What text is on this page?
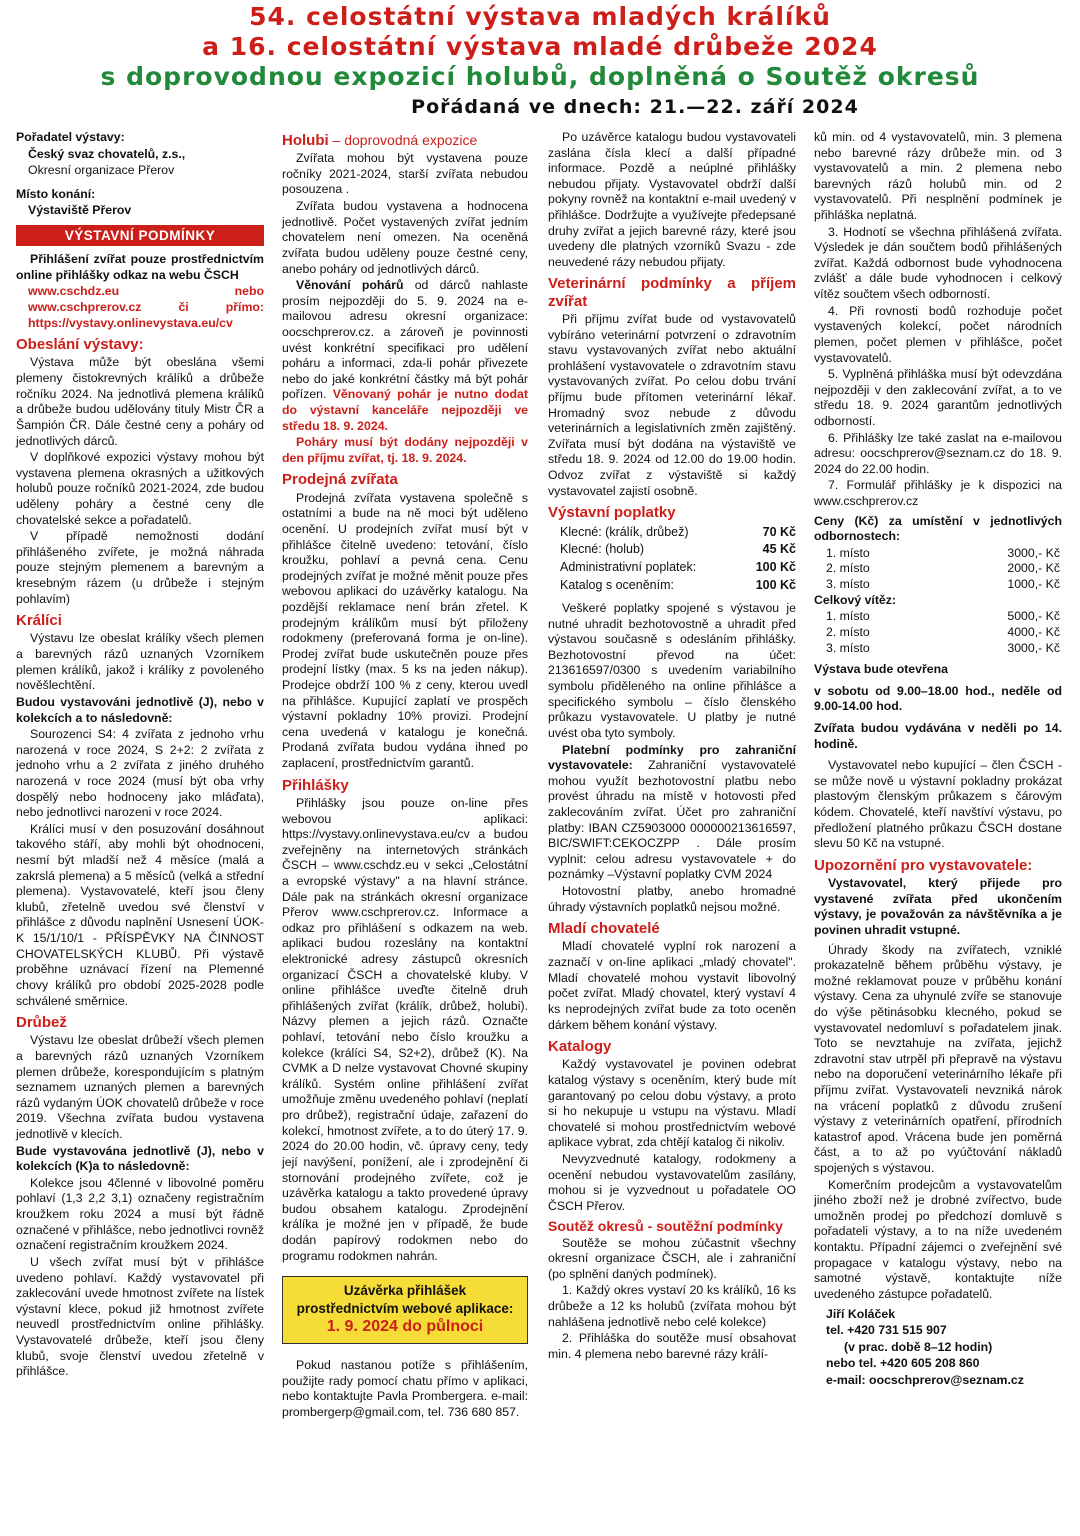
54. celostátní výstava mladých králíků
a 16. celostátní výstava mladé drůbeže 2024
s doprovodnou expozicí holubů, doplněná o Soutěž okresů
Pořádaná ve dnech: 21.—22. září 2024

Pořadatel výstavy:

Český svaz chovatelů, z.s.,

Okresní organizace Přerov

Místo konání:

Výstaviště Přerov

VÝSTAVNÍ PODMÍNKY

Přihlášení zvířat pouze prostřednictvím online přihlášky odkaz na webu ČSCH

www.cschdz.eu nebo www.cschprerov.cz či přímo: https://vystavy.onlinevystava.eu/cv

Obeslání výstavy:

Výstava může být obeslána všemi plemeny čistokrevných králíků a drůbeže ročníku 2024. Na jednotlivá plemena králíků a drůbeže budou udělovány tituly Mistr ČR a Šampión ČR. Dále čestné ceny a poháry od jednotlivých dárců.

V doplňkové expozici výstavy mohou být vystavena plemena okrasných a užitkových holubů pouze ročníků 2021-2024, zde budou uděleny poháry a čestné ceny dle chovatelské sekce a pořadatelů.

V případě nemožnosti dodání přihlášeného zvířete, je možná náhrada pouze stejným plemenem a barevným a kresebným rázem (u drůbeže i stejným pohlavím)

Králíci

Výstavu lze obeslat králíky všech plemen a barevných rázů uznaných Vzorníkem plemen králíků, jakož i králíky z povoleného nověšlechtění.

Budou vystavováni jednotlivě (J), nebo v kolekcích a to následovně:

Sourozenci S4: 4 zvířata z jednoho vrhu narozená v roce 2024, S 2+2: 2 zvířata z jednoho vrhu a 2 zvířata z jiného druhého narozená v roce 2024 (musí být oba vrhy dospělý nebo hodnoceny jako mláďata), nebo jednotlivci narozeni v roce 2024.

Králíci musí v den posuzování dosáhnout takového stáří, aby mohli být ohodnoceni, nesmí být mladší než 4 měsíce (malá a zakrslá plemena) a 5 měsíců (velká a střední plemena). Vystavovatelé, kteří jsou členy klubů, zřetelně uvedou své členství v přihlášce z důvodu naplnění Usnesení ÚOK-K 15/1/10/1 - PŘÍSPĚVKY NA ČINNOST CHOVATELSKÝCH KLUBŮ. Při výstavě proběhne uznávací řízení na Plemenné chovy králíků pro období 2025-2028 podle schválené směrnice.

Drůbež

Výstavu lze obeslat drůbeží všech plemen a barevných rázů uznaných Vzorníkem plemen drůbeže, korespondujícím s platným seznamem uznaných plemen a barevných rázů vydaným ÚOK chovatelů drůbeže v roce 2019. Všechna zvířata budou vystavena jednotlivě v klecích.

Bude vystavována jednotlivě (J), nebo v kolekcích (K)a to následovně:

Kolekce jsou 4členné v libovolné poměru pohlaví (1,3 2,2 3,1) označeny registračním kroužkem roku 2024 a musí být řádně označené v přihlášce, nebo jednotlivci rovněž označení registračním kroužkem 2024.

U všech zvířat musí být v přihlášce uvedeno pohlaví. Každý vystavovatel při zaklecování uvede hmotnost zvířete na lístek výstavní klece, pokud již hmotnost zvířete neuvedl prostřednictvím online přihlášky. Vystavovatelé drůbeže, kteří jsou členy klubů, svoje členství uvedou zřetelně v přihlášce.

Holubi – doprovodná expozice

Zvířata mohou být vystavena pouze ročníky 2021-2024, starší zvířata nebudou posouzena .

Zvířata budou vystavena a hodnocena jednotlivě. Počet vystavených zvířat jedním chovatelem není omezen. Na oceněná zvířata budou uděleny pouze čestné ceny, anebo poháry od jednotlivých dárců.

Věnování pohárů od dárců nahlaste prosím nejpozději do 5. 9. 2024 na e-mailovou adresu okresní organizace: oocschprerov.cz. a zároveň je povinnosti uvést konkrétní specifikaci pro udělení poháru a informaci, zda-li pohár přivezete nebo do jaké konkrétní částky má být pohár pořízen. Věnovaný pohár je nutno dodat do výstavní kanceláře nejpozději ve středu 18. 9. 2024.

Poháry musí být dodány nejpozději v den příjmu zvířat, tj. 18. 9. 2024.

Prodejná zvířata

Prodejná zvířata vystavena společně s ostatními a bude na ně moci být uděleno ocenění. U prodejních zvířat musí být v přihlášce čitelně uvedeno: tetování, číslo kroužku, pohlaví a pevná cena. Cenu prodejných zvířat je možné měnit pouze přes webovou aplikaci do uzávěrky katalogu. Na pozdější reklamace není brán zřetel. K prodejným králíkům musí být přiloženy rodokmeny (preferovaná forma je on-line). Prodej zvířat bude uskutečněn pouze přes prodejní lístky (max. 5 ks na jeden nákup). Prodejce obdrží 100 % z ceny, kterou uvedl na přihlášce. Kupující zaplatí ve prospěch výstavní pokladny 10% provizi. Prodejní cena uvedená v katalogu je konečná. Prodaná zvířata budou vydána ihned po zaplacení, prostřednictvím garantů.

Přihlášky

Přihlášky jsou pouze on-line přes webovou aplikaci: https://vystavy.onlinevystava.eu/cv a budou zveřejněny na internetových stránkách ČSCH – www.cschdz.eu v sekci „Celostátní a evropské výstavy" a na hlavní stránce. Dále pak na stránkách okresní organizace Přerov www.cschprerov.cz. Informace a odkaz pro přihlášení s odkazem na web. aplikaci budou rozeslány na kontaktní elektronické adresy zástupců okresních organizací ČSCH a chovatelské kluby. V online přihlášce uveďte čitelně druh přihlášených zvířat (králík, drůbež, holubi). Názvy plemen a jejich rázů. Označte pohlaví, tetování nebo číslo kroužku a kolekce (králíci S4, S2+2), drůbež (K). Na CVMK a D nelze vystavovat Chovné skupiny králíků. Systém online přihlášení zvířat umožňuje změnu uvedeného pohlaví (neplatí pro drůbež), registrační údaje, zařazení do kolekcí, hmotnost zvířete, a to do úterý 17. 9. 2024 do 20.00 hodin, vč. úpravy ceny, tedy její navýšení, ponížení, ale i zprodejnění či stornování prodejného zvířete, což je uzávěrka katalogu a takto provedené úpravy budou obsahem katalogu. Zprodejnění králíka je možné jen v případě, že bude dodán papírový rodokmen nebo do programu rodokmen nahrán.

Uzávěrka přihlášek
prostřednictvím webové aplikace:
1. 9. 2024 do půlnoci

Pokud nastanou potíže s přihlášením, použijte rady pomocí chatu přímo v aplikaci, nebo kontaktujte Pavla Prombergera. e-mail: prombergerp@gmail.com, tel. 736 680 857.

Po uzávěrce katalogu budou vystavovateli zaslána čísla klecí a další případné informace. Pozdě a neúplné přihlášky nebudou přijaty. Vystavovatel obdrží další pokyny rovněž na kontaktní e-mail uvedený v přihlášce. Dodržujte a využívejte předepsané druhy zvířat a jejich barevné rázy, které jsou uvedeny dle platných vzorníků Svazu - zde neuvedené rázy nebudou přijaty.

Veterinární podmínky a příjem zvířat

Při příjmu zvířat bude od vystavovatelů vybíráno veterinární potvrzení o zdravotním stavu vystavovaných zvířat nebo aktuální prohlášení vystavovatele o zdravotním stavu vystavovaných zvířat. Po celou dobu trvání příjmu bude přítomen veterinární lékař. Hromadný svoz nebude z důvodu veterinárních a legislativních změn zajištěný. Zvířata musí být dodána na výstaviště ve středu 18. 9. 2024 od 12.00 do 19.00 hodin. Odvoz zvířat z výstaviště si každý vystavovatel zajistí osobně.

Výstavní poplatky
Klecné: (králík, drůbež)	70 Kč
Klecné: (holub)	45 Kč
Administrativní poplatek:	100 Kč
Katalog s oceněním:	100 Kč

Veškeré poplatky spojené s výstavou je nutné uhradit bezhotovostně a uhradit před výstavou současně s odesláním přihlášky. Bezhotovostní převod na účet: 213616597/0300 s uvedením variabilního symbolu přiděleného na online přihlášce a specifického symbolu – číslo členského průkazu vystavovatele. U platby je nutné uvést oba tyto symboly.

Platební podmínky pro zahraniční vystavovatele: Zahraniční vystavovatelé mohou využít bezhotovostní platbu nebo provést úhradu na místě v hotovosti před zaklecováním zvířat. Účet pro zahraniční platby: IBAN CZ5903000 000000213616597, BIC/SWIFT:CEKOCZPP . Dále prosím vyplnit: celou adresu vystavovatele + do poznámky –Výstavní poplatky CVM 2024

Hotovostní platby, anebo hromadné úhrady výstavních poplatků nejsou možné.

Mladí chovatelé

Mladí chovatelé vyplní rok narození a zaznačí v on-line aplikaci „mladý chovatel". Mladí chovatelé mohou vystavit libovolný počet zvířat. Mladý chovatel, který vystaví 4 ks neprodejných zvířat bude za toto oceněn dárkem během konání výstavy.

Katalogy

Každý vystavovatel je povinen odebrat katalog výstavy s oceněním, který bude mít garantovaný po celou dobu výstavy, a proto si ho nekupuje u vstupu na výstavu. Mladí chovatelé si mohou prostřednictvím webové aplikace vybrat, zda chtějí katalog či nikoliv.

Nevyzvednuté katalogy, rodokmeny a ocenění nebudou vystavovatelům zasílány, mohou si je vyzvednout u pořadatele OO ČSCH Přerov.

Soutěž okresů - soutěžní podmínky

Soutěže se mohou zúčastnit všechny okresní organizace ČSCH, ale i zahraniční (po splnění daných podmínek).

1. Každý okres vystaví 20 ks králíků, 16 ks drůbeže a 12 ks holubů (zvířata mohou být nahlášena jednotlivě nebo celé kolekce)

2. Přihláška do soutěže musí obsahovat min. 4 plemena nebo barevné rázy králí-

ků min. od 4 vystavovatelů, min. 3 plemena nebo barevné rázy drůbeže min. od 3 vystavovatelů a min. 2 plemena nebo barevných rázů holubů min. od 2 vystavovatelů. Při nesplnění podmínek je přihláška neplatná.

3. Hodnotí se všechna přihlášená zvířata. Výsledek je dán součtem bodů přihlášených zvířat. Každá odbornost bude vyhodnocena zvlášť a dále bude vyhodnocen i celkový vítěz součtem všech odborností.

4. Při rovnosti bodů rozhoduje počet vystavených kolekcí, počet národních plemen, počet plemen v přihlášce, počet vystavovatelů.

5. Vyplněná přihláška musí být odevzdána nejpozději v den zaklecování zvířat, a to ve středu 18. 9. 2024 garantům jednotlivých odborností.

6. Přihlášky lze také zaslat na e-mailovou adresu: oocschprerov@seznam.cz do 18. 9. 2024 do 22.00 hodin.

7. Formulář přihlášky je k dispozici na www.cschprerov.cz

Ceny (Kč) za umístění v jednotlivých odbornostech:

1. místo	3000,- Kč
2. místo	2000,- Kč
3. místo	1000,- Kč

Celkový vítěz:

1. místo	5000,- Kč
2. místo	4000,- Kč
3. místo	3000,- Kč

Výstava bude otevřena

v sobotu od 9.00–18.00 hod., neděle od 9.00-14.00 hod.

Zvířata budou vydávána v neděli po 14. hodině.

Vystavovatel nebo kupující – člen ČSCH - se může nově u výstavní pokladny prokázat plastovým členským průkazem s čárovým kódem. Chovatelé, kteří navštíví výstavu, po předložení platného průkazu ČSCH dostane slevu 50 Kč na vstupné.

Upozornění pro vystavovatele:

Vystavovatel, který přijede pro vystavené zvířata před ukončením výstavy, je považován za návštěvníka a je povinen uhradit vstupné.

Úhrady škody na zvířatech, vzniklé prokazatelně během průběhu výstavy, je možné reklamovat pouze v průběhu konání výstavy. Cena za uhynulé zvíře se stanovuje do výše pětinásobku klecného, pokud se vystavovatel nedomluví s pořadatelem jinak. Toto se nevztahuje na zvířata, jejichž zdravotní stav utrpěl při přepravě na výstavu nebo na doporučení veterinárního lékaře při příjmu zvířat. Vystavovateli nevzniká nárok na vrácení poplatků z důvodu zrušení výstavy z veterinárních opatření, přírodních katastrof apod. Vrácena bude jen poměrná část, a to až po vyúčtování nákladů spojených s výstavou.

Komerčním prodejcům a vystavovatelům jiného zboží než je drobné zvířectvo, bude umožněn prodej po předchozí domluvě s pořadateli výstavy, a to na níže uvedeném kontaktu. Případní zájemci o zveřejnění své propagace v katalogu výstavy, nebo na samotné výstavě, kontaktujte níže uvedeného zástupce pořadatelů.

Jiří Koláček

tel. +420 731 515 907

(v prac. době 8–12 hodin)

nebo tel. +420 605 208 860

e-mail: oocschprerov@seznam.cz
